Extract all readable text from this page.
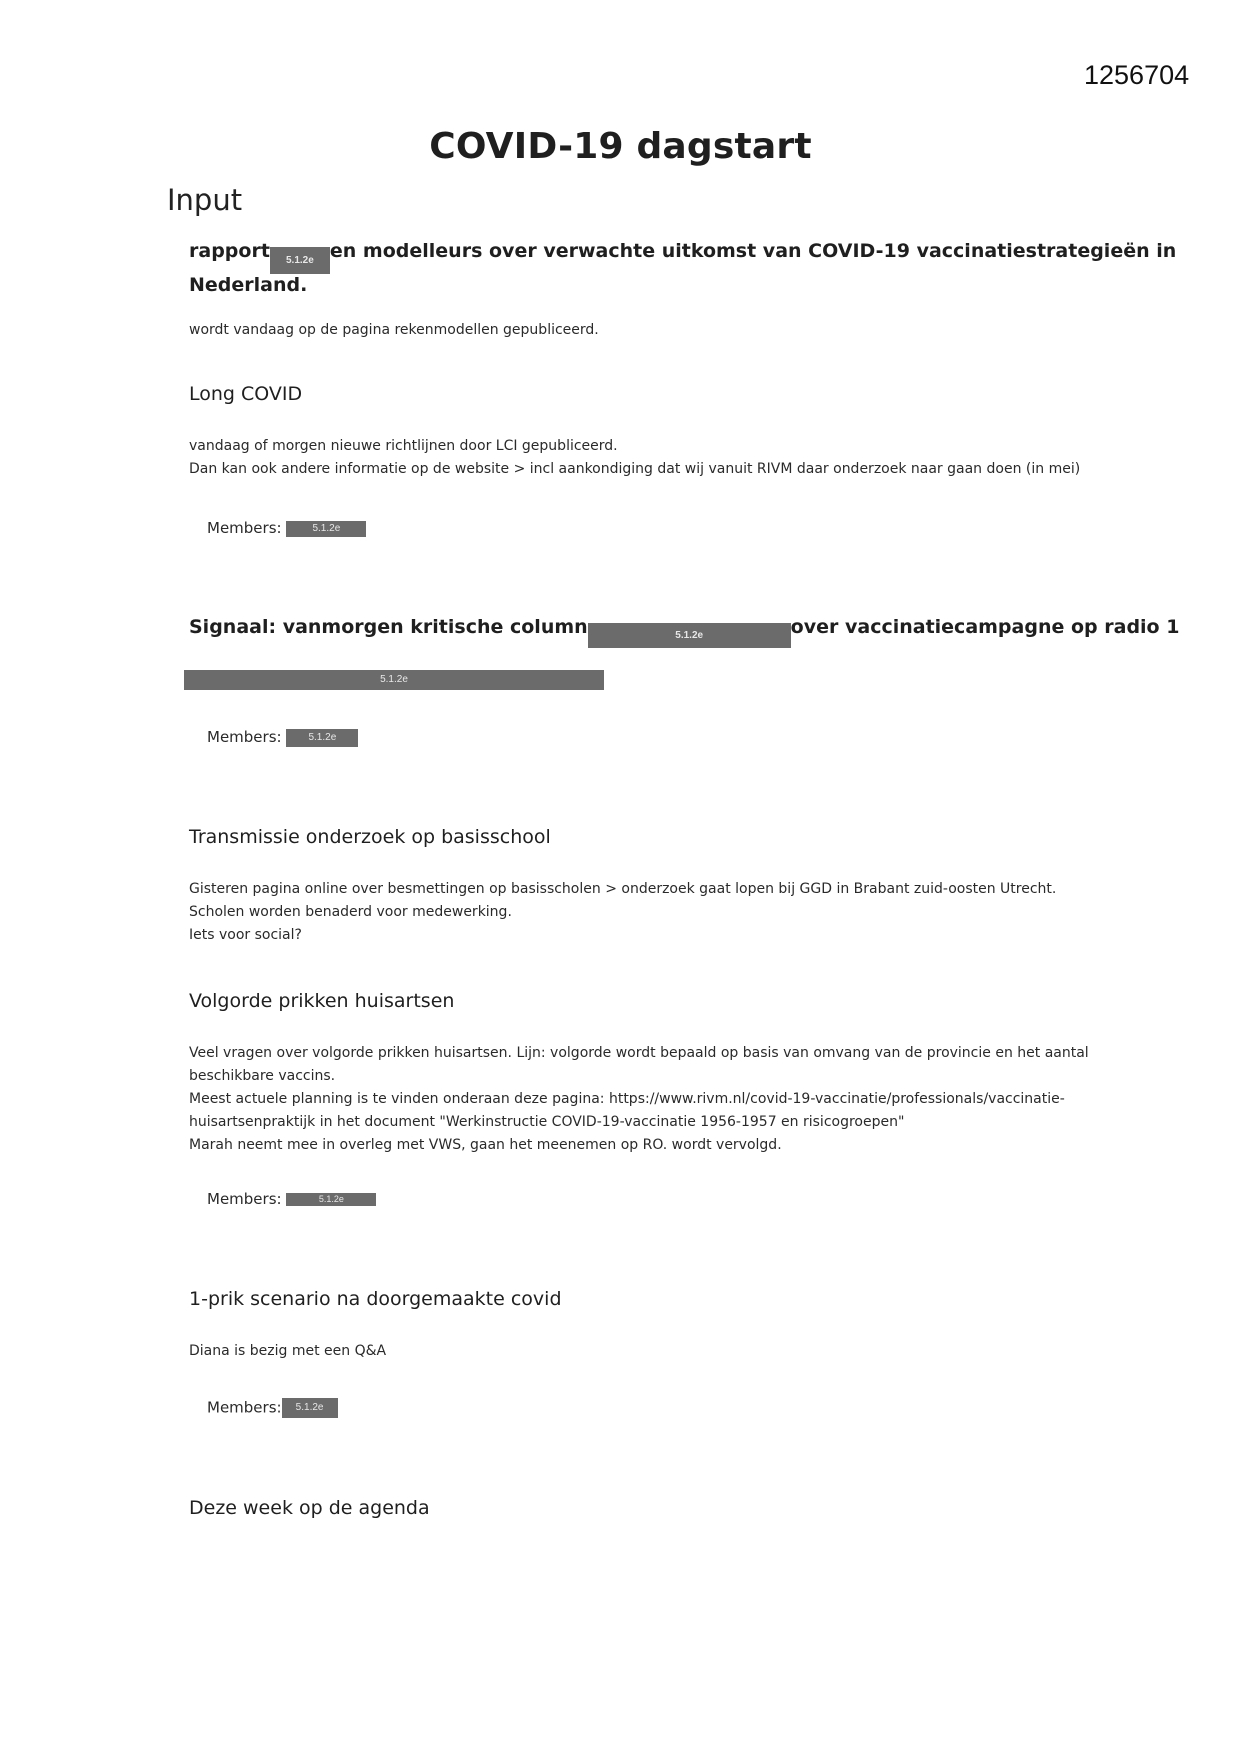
1256704
COVID-19 dagstart
Input
rapport 5.1.2e en modelleurs over verwachte uitkomst van COVID-19 vaccinatiestrategieën in
Nederland.
wordt vandaag op de pagina rekenmodellen gepubliceerd.
Long COVID
vandaag of morgen nieuwe richtlijnen door LCI gepubliceerd.
Dan kan ook andere informatie op de website > incl aankondiging dat wij vanuit RIVM daar onderzoek naar gaan doen (in mei)
Members:	5.1.2e
Signaal: vanmorgen kritische column	5.1.2e	over vaccinatiecampagne op radio 1
5.1.2e
Members:	5.1.2e
Transmissie onderzoek op basisschool
Gisteren pagina online over besmettingen op basisscholen > onderzoek gaat lopen bij GGD in Brabant zuid-oosten Utrecht.
Scholen worden benaderd voor medewerking.
Iets voor social?
Volgorde prikken huisartsen
Veel vragen over volgorde prikken huisartsen. Lijn: volgorde wordt bepaald op basis van omvang van de provincie en het aantal
beschikbare vaccins.
Meest actuele planning is te vinden onderaan deze pagina: https://www.rivm.nl/covid-19-vaccinatie/professionals/vaccinatie-
huisartsenpraktijk in het document "Werkinstructie COVID-19-vaccinatie 1956-1957 en risicogroepen"
Marah neemt mee in overleg met VWS, gaan het meenemen op RO. wordt vervolgd.
Members:	5.1.2e
1-prik scenario na doorgemaakte covid
Diana is bezig met een Q&A
Members: 5.1.2e
Deze week op de agenda
